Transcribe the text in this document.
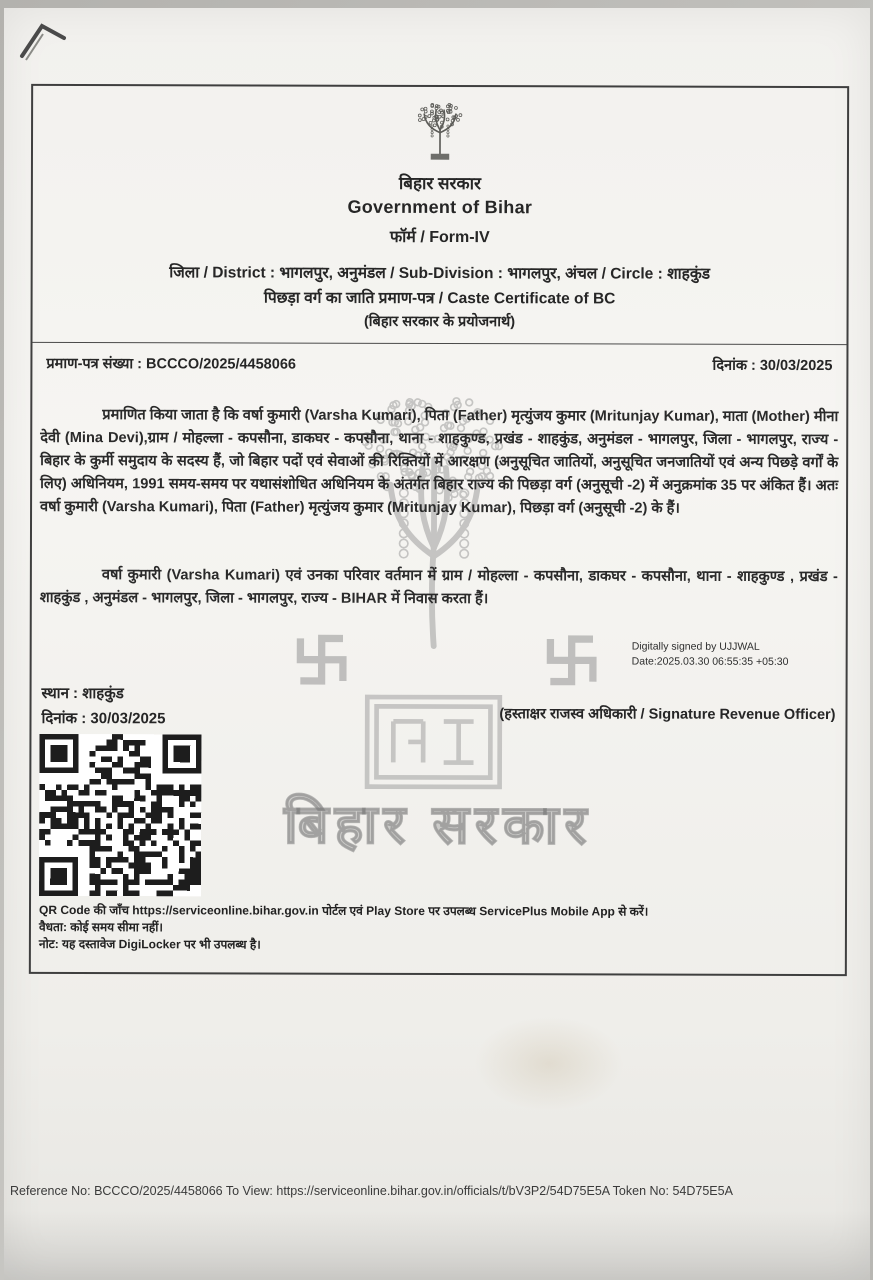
बिहार सरकार
बिहार सरकार
Government of Bihar
फॉर्म / Form-IV
जिला / District : भागलपुर, अनुमंडल / Sub-Division : भागलपुर, अंचल / Circle : शाहकुंड
पिछड़ा वर्ग का जाति प्रमाण-पत्र / Caste Certificate of BC
(बिहार सरकार के प्रयोजनार्थ)
प्रमाण-पत्र संख्या : BCCCO/2025/4458066	दिनांक : 30/03/2025
प्रमाणित किया जाता है कि वर्षा कुमारी (Varsha Kumari), पिता (Father) मृत्युंजय कुमार (Mritunjay Kumar), माता (Mother) मीना देवी (Mina Devi),ग्राम / मोहल्ला - कपसौना, डाकघर - कपसौना, थाना - शाहकुण्ड, प्रखंड - शाहकुंड, अनुमंडल - भागलपुर, जिला - भागलपुर, राज्य - बिहार के कुर्मी समुदाय के सदस्य हैं, जो बिहार पदों एवं सेवाओं की रिक्तियों में आरक्षण (अनुसूचित जातियों, अनुसूचित जनजातियों एवं अन्य पिछड़े वर्गों के लिए) अधिनियम, 1991 समय-समय पर यथासंशोधित अधिनियम के अंतर्गत बिहार राज्य की पिछड़ा वर्ग (अनुसूची -2) में अनुक्रमांक 35 पर अंकित हैं। अतः वर्षा कुमारी (Varsha Kumari), पिता (Father) मृत्युंजय कुमार (Mritunjay Kumar), पिछड़ा वर्ग (अनुसूची -2) के हैं।
वर्षा कुमारी (Varsha Kumari) एवं उनका परिवार वर्तमान में ग्राम / मोहल्ला - कपसौना, डाकघर - कपसौना, थाना - शाहकुण्ड , प्रखंड - शाहकुंड , अनुमंडल - भागलपुर, जिला - भागलपुर, राज्य - BIHAR में निवास करता हैं।
Digitally signed by UJJWAL
Date:2025.03.30 06:55:35 +05:30
स्थान : शाहकुंड
दिनांक : 30/03/2025	(हस्ताक्षर राजस्व अधिकारी / Signature Revenue Officer)
QR Code की जाँच https://serviceonline.bihar.gov.in पोर्टल एवं Play Store पर उपलब्ध ServicePlus Mobile App से करें।
वैधता: कोई समय सीमा नहीं।
नोट: यह दस्तावेज DigiLocker पर भी उपलब्ध है।
Reference No: BCCCO/2025/4458066 To View: https://serviceonline.bihar.gov.in/officials/t/bV3P2/54D75E5A Token No: 54D75E5A
